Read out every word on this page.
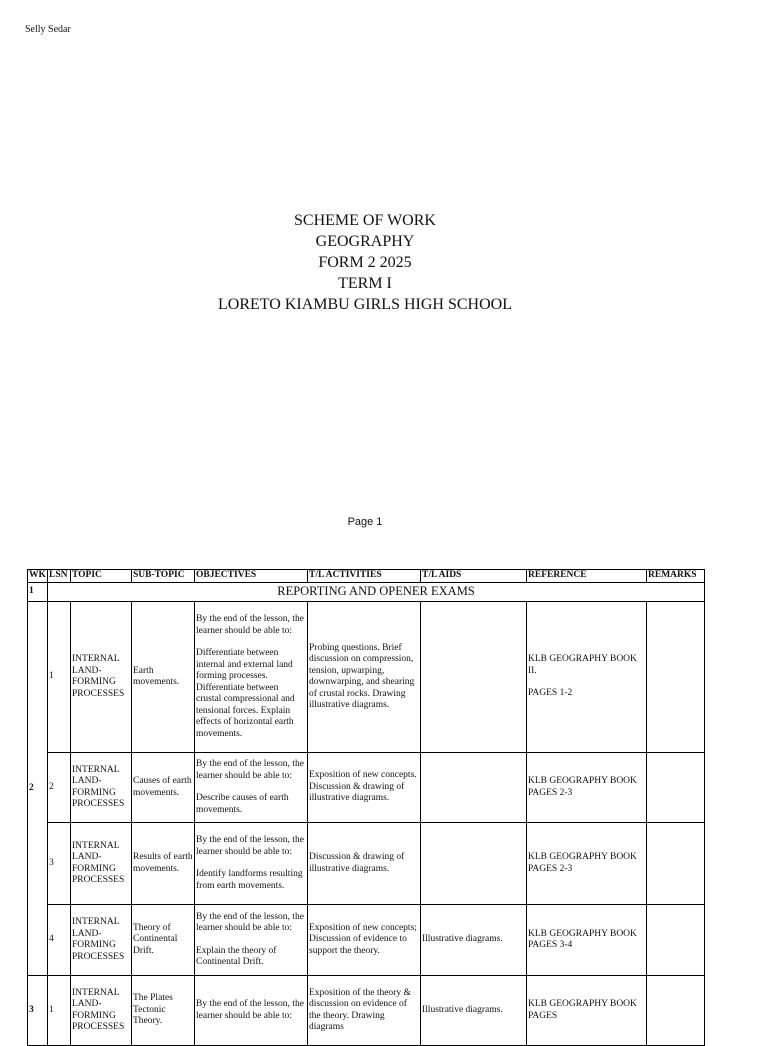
Selly Sedar
SCHEME OF WORK
GEOGRAPHY
FORM 2 2025
TERM I
LORETO KIAMBU GIRLS HIGH SCHOOL
Page 1
WK	LSN	TOPIC	SUB-TOPIC	OBJECTIVES	T/L ACTIVITIES	T/L AIDS	REFERENCE	REMARKS
1	REPORTING AND OPENER EXAMS							
2	1	INTERNAL LAND-FORMING PROCESSES	Earth movements.	By the end of the lesson, the learner should be able to:
Differentiate between internal and external land forming processes. Differentiate between crustal compressional and tensional forces. Explain effects of horizontal earth movements.	Probing questions. Brief discussion on compression, tension, upwarping, downwarping, and shearing of crustal rocks. Drawing illustrative diagrams.		KLB GEOGRAPHY BOOK II.
PAGES 1-2	
	2	INTERNAL LAND-FORMING PROCESSES	Causes of earth movements.	By the end of the lesson, the learner should be able to:
Describe causes of earth movements.	Exposition of new concepts. Discussion & drawing of illustrative diagrams.		KLB GEOGRAPHY BOOK PAGES 2-3	
	3	INTERNAL LAND-FORMING PROCESSES	Results of earth movements.	By the end of the lesson, the learner should be able to:
Identify landforms resulting from earth movements.	Discussion & drawing of illustrative diagrams.		KLB GEOGRAPHY BOOK PAGES 2-3	
	4	INTERNAL LAND-FORMING PROCESSES	Theory of Continental Drift.	By the end of the lesson, the learner should be able to:
Explain the theory of Continental Drift.	Exposition of new concepts; Discussion of evidence to support the theory.	Illustrative diagrams.	KLB GEOGRAPHY BOOK PAGES 3-4	
3	1	INTERNAL LAND-FORMING PROCESSES	The Plates Tectonic Theory.	By the end of the lesson, the learner should be able to:	Exposition of the theory & discussion on evidence of the theory. Drawing diagrams	Illustrative diagrams.	KLB GEOGRAPHY BOOK PAGES	
